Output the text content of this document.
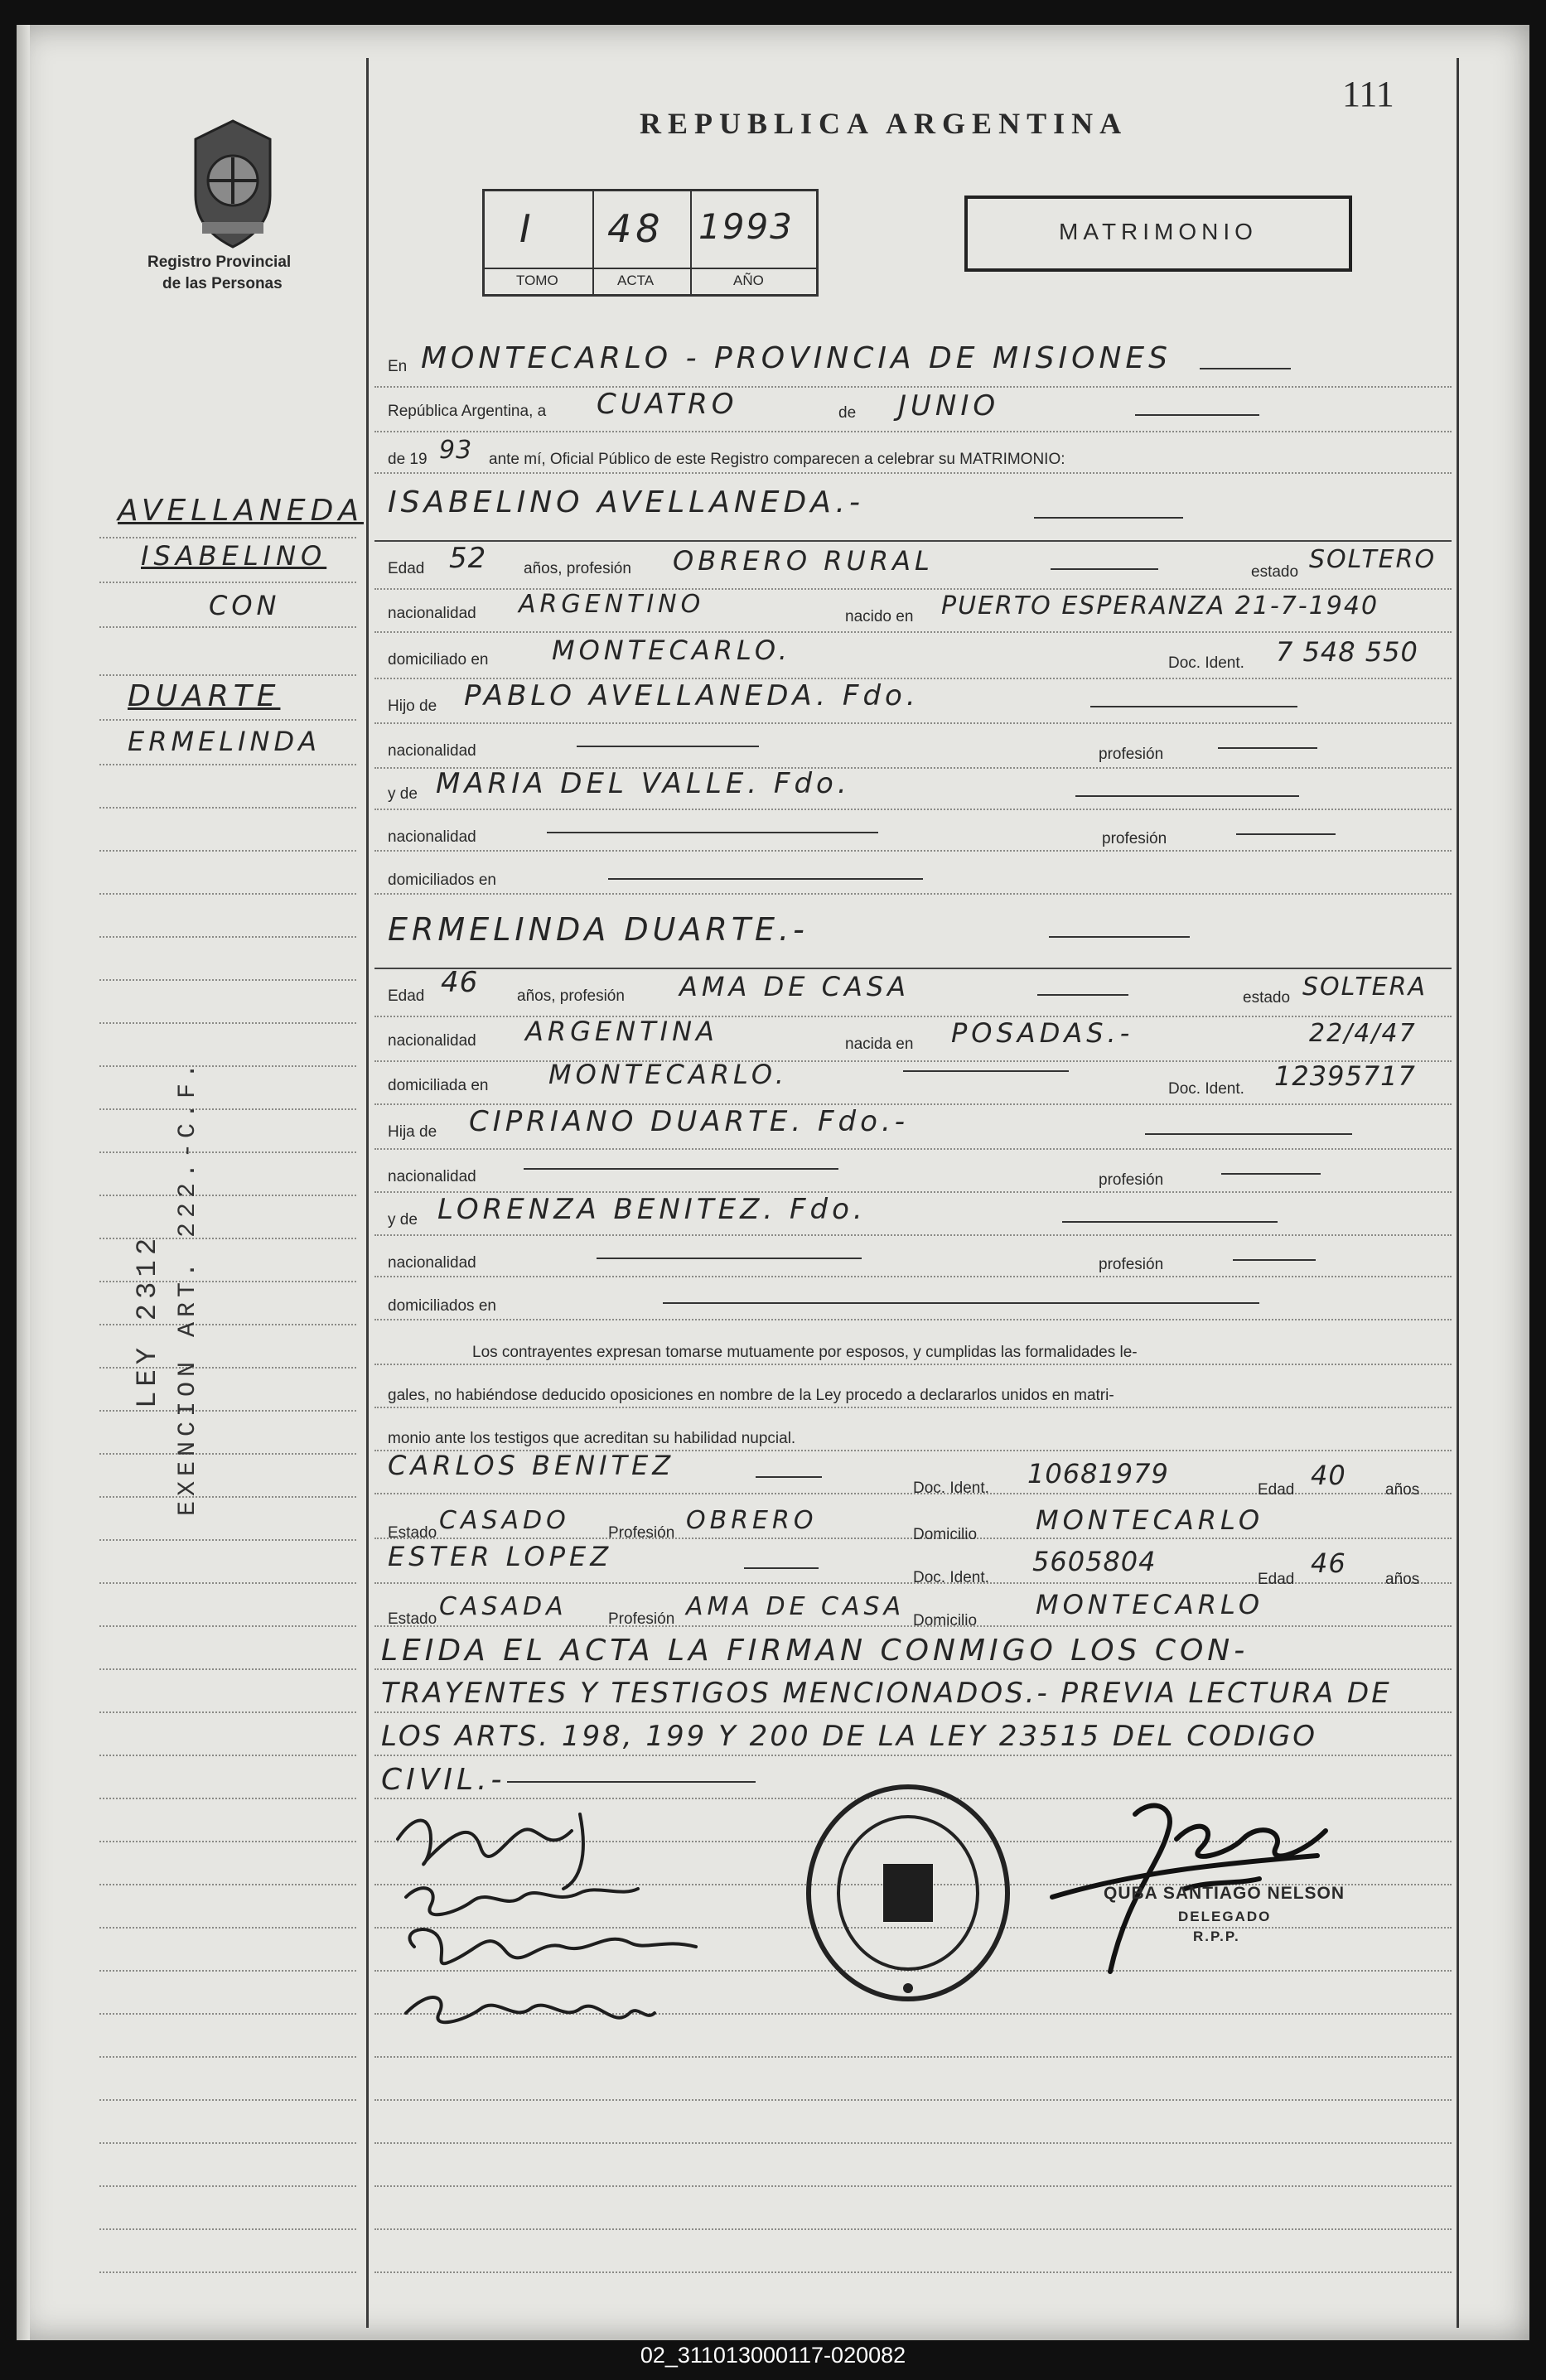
111
Registro Provincial
de las Personas
REPUBLICA ARGENTINA
I 48 1993
TOMO	ACTA	AÑO
MATRIMONIO
AVELLANEDA
ISABELINO
CON
DUARTE
ERMELINDA
LEY 2312 EXENCION ART. 222.-C.F.
En MONTECARLO - PROVINCIA DE MISIONES
República Argentina, a CUATRO	de JUNIO
de 19 93 ante mí, Oficial Público de este Registro comparecen a celebrar su MATRIMONIO:
ISABELINO AVELLANEDA.-
Edad 52 años, profesión OBRERO RURAL	estado SOLTERO
nacionalidad ARGENTINO	nacido en PUERTO ESPERANZA 21-7-1940
domiciliado en MONTECARLO.	Doc. Ident. 7 548 550
Hijo de PABLO AVELLANEDA. Fdo.
nacionalidad	profesión
y de MARIA DEL VALLE. Fdo.
nacionalidad	profesión
domiciliados en
ERMELINDA DUARTE.-
Edad 46 años, profesión AMA DE CASA	estado SOLTERA
nacionalidad ARGENTINA	nacida en POSADAS.-	22/4/47
domiciliada en MONTECARLO.	Doc. Ident. 12395717
Hija de CIPRIANO DUARTE. Fdo.-
nacionalidad	profesión
y de LORENZA BENITEZ. Fdo.
nacionalidad	profesión
domiciliados en
Los contrayentes expresan tomarse mutuamente por esposos, y cumplidas las formalidades le-
gales, no habiéndose deducido oposiciones en nombre de la Ley procedo a declararlos unidos en matri-
monio ante los testigos que acreditan su habilidad nupcial.
CARLOS BENITEZ
Doc. Ident. 10681979
Edad 40 años
Estado CASADO Profesión OBRERO	Domicilio MONTECARLO
ESTER LOPEZ
Doc. Ident.
5605804
Edad
46
años
Estado CASADA	Profesión AMA DE CASA Domicilio
MONTECARLO
LEIDA EL ACTA LA FIRMAN CONMIGO LOS CON-
TRAYENTES Y TESTIGOS MENCIONADOS.- PREVIA LECTURA DE
LOS ARTS. 198, 199 Y 200 DE LA LEY 23515 DEL CODIGO
CIVIL.-
QUBA SANTIAGO NELSON
DELEGADO
R.P.P.
02_311013000117-020082
